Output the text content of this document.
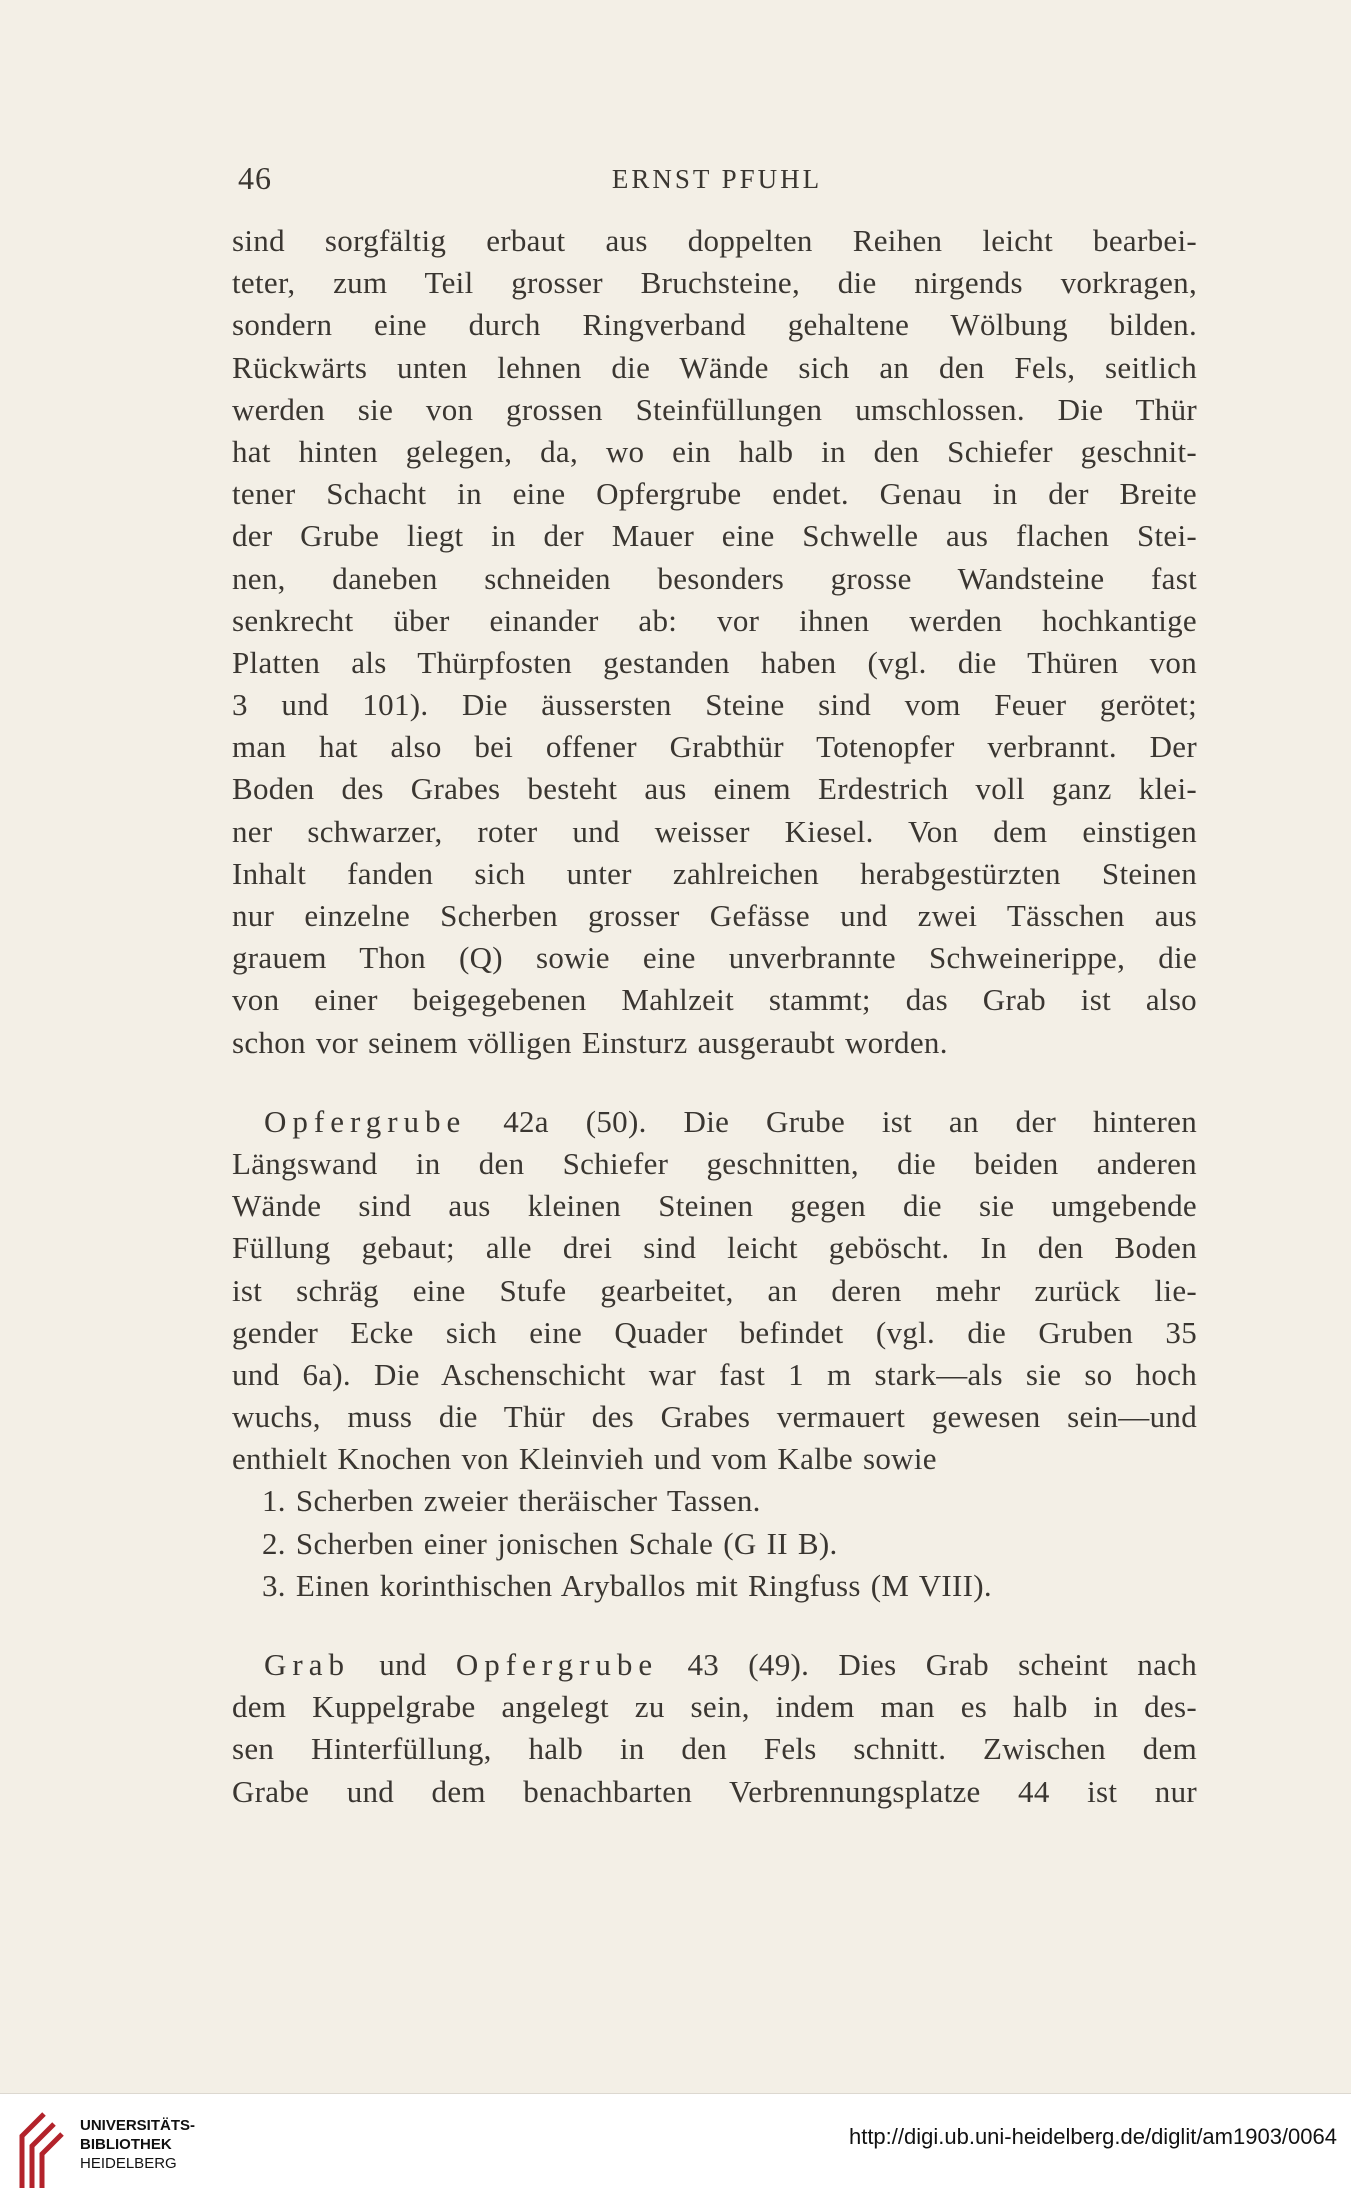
46	ERNST PFUHL
sind sorgfältig erbaut aus doppelten Reihen leicht bearbei-
teter, zum Teil grosser Bruchsteine, die nirgends vorkragen,
sondern eine durch Ringverband gehaltene Wölbung bilden.
Rückwärts unten lehnen die Wände sich an den Fels, seitlich
werden sie von grossen Steinfüllungen umschlossen. Die Thür
hat hinten gelegen, da, wo ein halb in den Schiefer geschnit-
tener Schacht in eine Opfergrube endet. Genau in der Breite
der Grube liegt in der Mauer eine Schwelle aus flachen Stei-
nen, daneben schneiden besonders grosse Wandsteine fast
senkrecht über einander ab: vor ihnen werden hochkantige
Platten als Thürpfosten gestanden haben (vgl. die Thüren von
3 und 101). Die äussersten Steine sind vom Feuer gerötet;
man hat also bei offener Grabthür Totenopfer verbrannt. Der
Boden des Grabes besteht aus einem Erdestrich voll ganz klei-
ner schwarzer, roter und weisser Kiesel. Von dem einstigen
Inhalt fanden sich unter zahlreichen herabgestürzten Steinen
nur einzelne Scherben grosser Gefässe und zwei Tässchen aus
grauem Thon (Q) sowie eine unverbrannte Schweinerippe, die
von einer beigegebenen Mahlzeit stammt; das Grab ist also
schon vor seinem völligen Einsturz ausgeraubt worden.
Opfergrube 42a (50). Die Grube ist an der hinteren
Längswand in den Schiefer geschnitten, die beiden anderen
Wände sind aus kleinen Steinen gegen die sie umgebende
Füllung gebaut; alle drei sind leicht geböscht. In den Boden
ist schräg eine Stufe gearbeitet, an deren mehr zurück lie-
gender Ecke sich eine Quader befindet (vgl. die Gruben 35
und 6a). Die Aschenschicht war fast 1 m stark—als sie so hoch
wuchs, muss die Thür des Grabes vermauert gewesen sein—und
enthielt Knochen von Kleinvieh und vom Kalbe sowie
1. Scherben zweier theräischer Tassen.
2. Scherben einer jonischen Schale (G II B).
3. Einen korinthischen Aryballos mit Ringfuss (M VIII).
Grab und Opfergrube 43 (49). Dies Grab scheint nach
dem Kuppelgrabe angelegt zu sein, indem man es halb in des-
sen Hinterfüllung, halb in den Fels schnitt. Zwischen dem
Grabe und dem benachbarten Verbrennungsplatze 44 ist nur
UNIVERSITÄTS-
BIBLIOTHEK
HEIDELBERG
http://digi.ub.uni-heidelberg.de/diglit/am1903/0064
